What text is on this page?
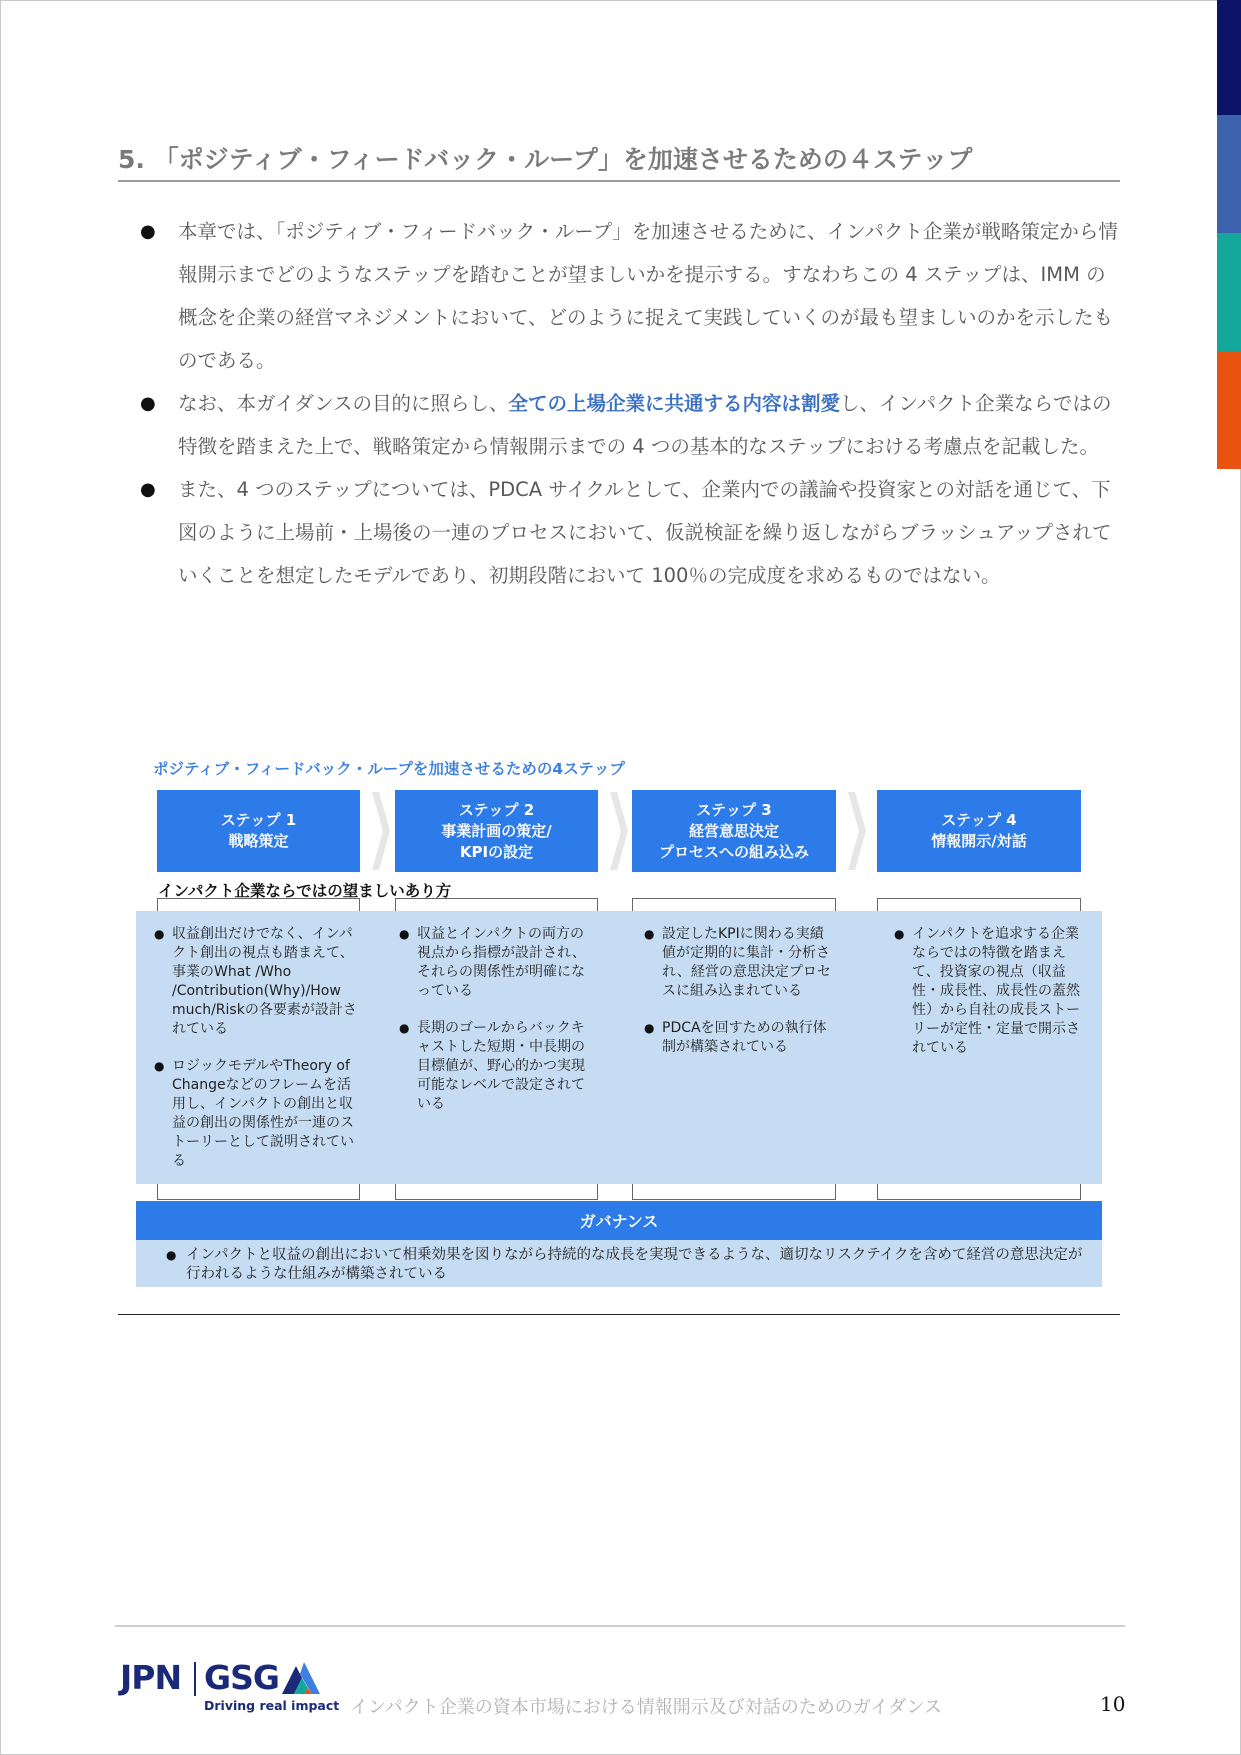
5. 「ポジティブ・フィードバック・ループ」を加速させるための４ステップ
● 本章では、「ポジティブ・フィードバック・ループ」を加速させるために、インパクト企業が戦略策定から情報開示までどのようなステップを踏むことが望ましいかを提示する。すなわちこの 4 ステップは、IMM の概念を企業の経営マネジメントにおいて、どのように捉えて実践していくのが最も望ましいのかを示したものである。
● なお、本ガイダンスの目的に照らし、全ての上場企業に共通する内容は割愛し、インパクト企業ならではの特徴を踏まえた上で、戦略策定から情報開示までの 4 つの基本的なステップにおける考慮点を記載した。
● また、4 つのステップについては、PDCA サイクルとして、企業内での議論や投資家との対話を通じて、下図のように上場前・上場後の一連のプロセスにおいて、仮説検証を繰り返しながらブラッシュアップされていくことを想定したモデルであり、初期段階において 100％の完成度を求めるものではない。
ポジティブ・フィードバック・ループを加速させるための4ステップ
ステップ 1
戦略策定
ステップ 2
事業計画の策定/
KPIの設定
ステップ 3
経営意思決定
プロセスへの組み込み
ステップ 4
情報開示/対話
インパクト企業ならではの望ましいあり方
● 収益創出だけでなく、インパクト創出の視点も踏まえて、事業のWhat /Who /Contribution(Why)/How much/Riskの各要素が設計されている
● ロジックモデルやTheory of Changeなどのフレームを活用し、インパクトの創出と収益の創出の関係性が一連のストーリーとして説明されている
● 収益とインパクトの両方の視点から指標が設計され、それらの関係性が明確になっている
● 長期のゴールからバックキャストした短期・中長期の目標値が、野心的かつ実現可能なレベルで設定されている
● 設定したKPIに関わる実績値が定期的に集計・分析され、経営の意思決定プロセスに組み込まれている
● PDCAを回すための執行体制が構築されている
● インパクトを追求する企業ならではの特徴を踏まえて、投資家の視点（収益性・成長性、成長性の蓋然性）から自社の成長ストーリーが定性・定量で開示されている
ガバナンス
● インパクトと収益の創出において相乗効果を図りながら持続的な成長を実現できるような、適切なリスクテイクを含めて経営の意思決定が行われるような仕組みが構築されている
JPN GSG
Driving real impact インパクト企業の資本市場における情報開示及び対話のためのガイダンス	10
